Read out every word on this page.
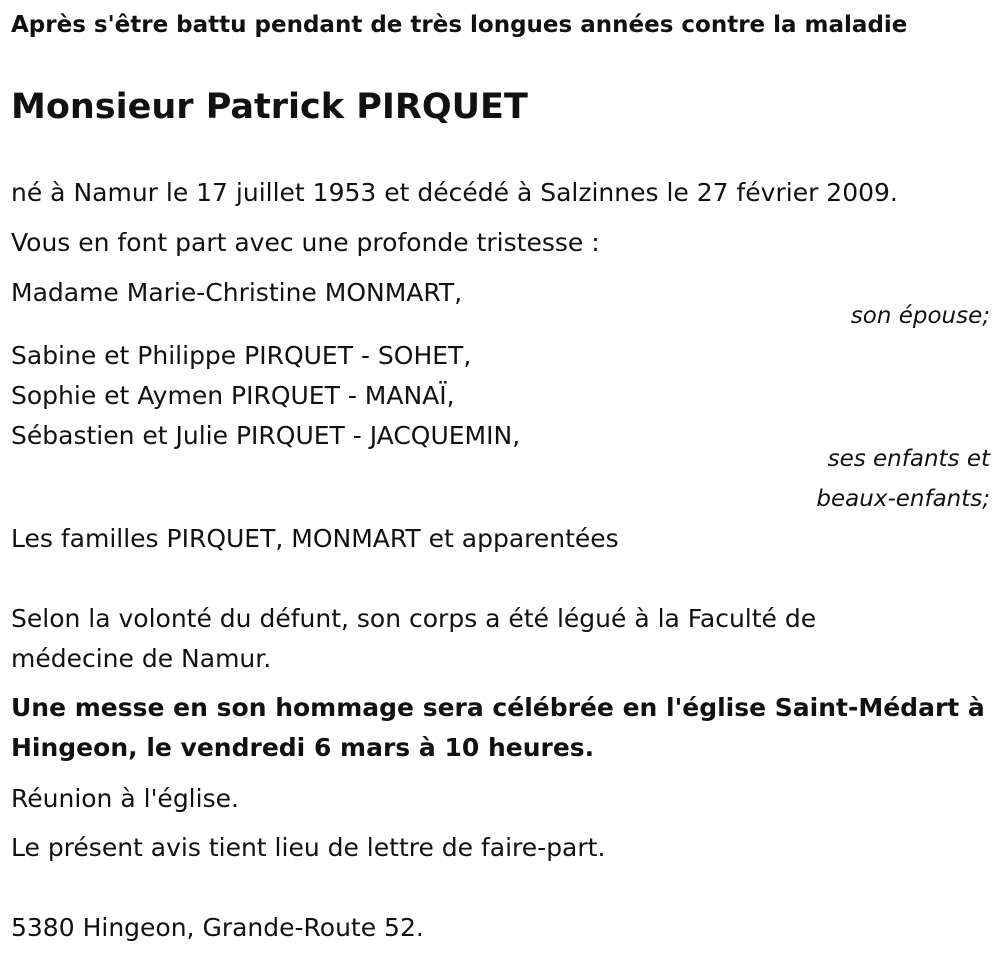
Après s'être battu pendant de très longues années contre la maladie
Monsieur Patrick PIRQUET
né à Namur le 17 juillet 1953 et décédé à Salzinnes le 27 février 2009.
Vous en font part avec une profonde tristesse :
Madame Marie-Christine MONMART,
son épouse;
Sabine et Philippe PIRQUET - SOHET,
Sophie et Aymen PIRQUET - MANAÏ,
Sébastien et Julie PIRQUET - JACQUEMIN,
ses enfants et
beaux-enfants;
Les familles PIRQUET, MONMART et apparentées
Selon la volonté du défunt, son corps a été légué à la Faculté de
médecine de Namur.
Une messe en son hommage sera célébrée en l'église Saint-Médart à
Hingeon, le vendredi 6 mars à 10 heures.
Réunion à l'église.
Le présent avis tient lieu de lettre de faire-part.
5380 Hingeon, Grande-Route 52.
